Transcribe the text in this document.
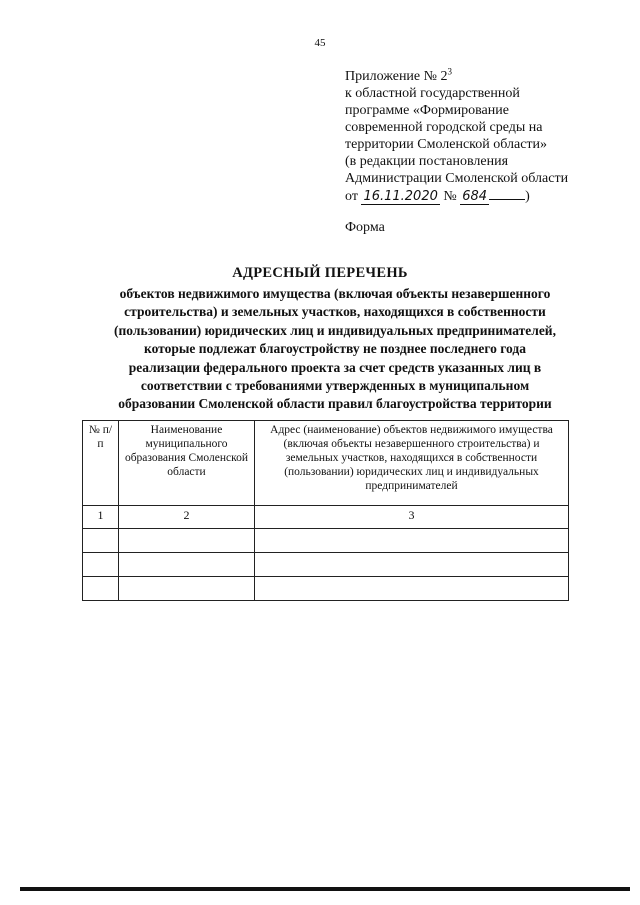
45
Приложение № $2^3$
к областной государственной
программе «Формирование
современной городской среды на
территории Смоленской области»
(в редакции постановления
Администрации Смоленской области
от 16.11.2020 № 684	)
Форма
АДРЕСНЫЙ ПЕРЕЧЕНЬ
объектов недвижимого имущества (включая объекты незавершенного
строительства) и земельных участков, находящихся в собственности
(пользовании) юридических лиц и индивидуальных предпринимателей,
которые подлежат благоустройству не позднее последнего года
реализации федерального проекта за счет средств указанных лиц в
соответствии с требованиями утвержденных в муниципальном
образовании Смоленской области правил благоустройства территории
№ п/п	Наименование муниципального образования Смоленской области	Адрес (наименование) объектов недвижимого имущества (включая объекты незавершенного строительства) и земельных участков, находящихся в собственности (пользовании) юридических лиц и индивидуальных предпринимателей
1	2	3
